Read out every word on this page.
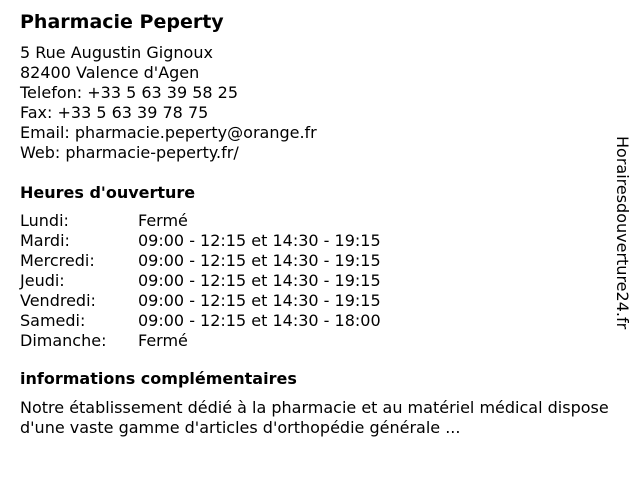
Pharmacie Peperty
5 Rue Augustin Gignoux
82400 Valence d'Agen
Telefon: +33 5 63 39 58 25
Fax: +33 5 63 39 78 75
Email: pharmacie.peperty@orange.fr
Web: pharmacie-peperty.fr/
Heures d'ouverture
Lundi:	Fermé
Mardi:	09:00 - 12:15 et 14:30 - 19:15
Mercredi:	09:00 - 12:15 et 14:30 - 19:15
Jeudi:	09:00 - 12:15 et 14:30 - 19:15
Vendredi:	09:00 - 12:15 et 14:30 - 19:15
Samedi:	09:00 - 12:15 et 14:30 - 18:00
Dimanche:	Fermé
informations complémentaires
Notre établissement dédié à la pharmacie et au matériel médical dispose d'une vaste gamme d'articles d'orthopédie générale ...
Horairesdouverture24.fr
